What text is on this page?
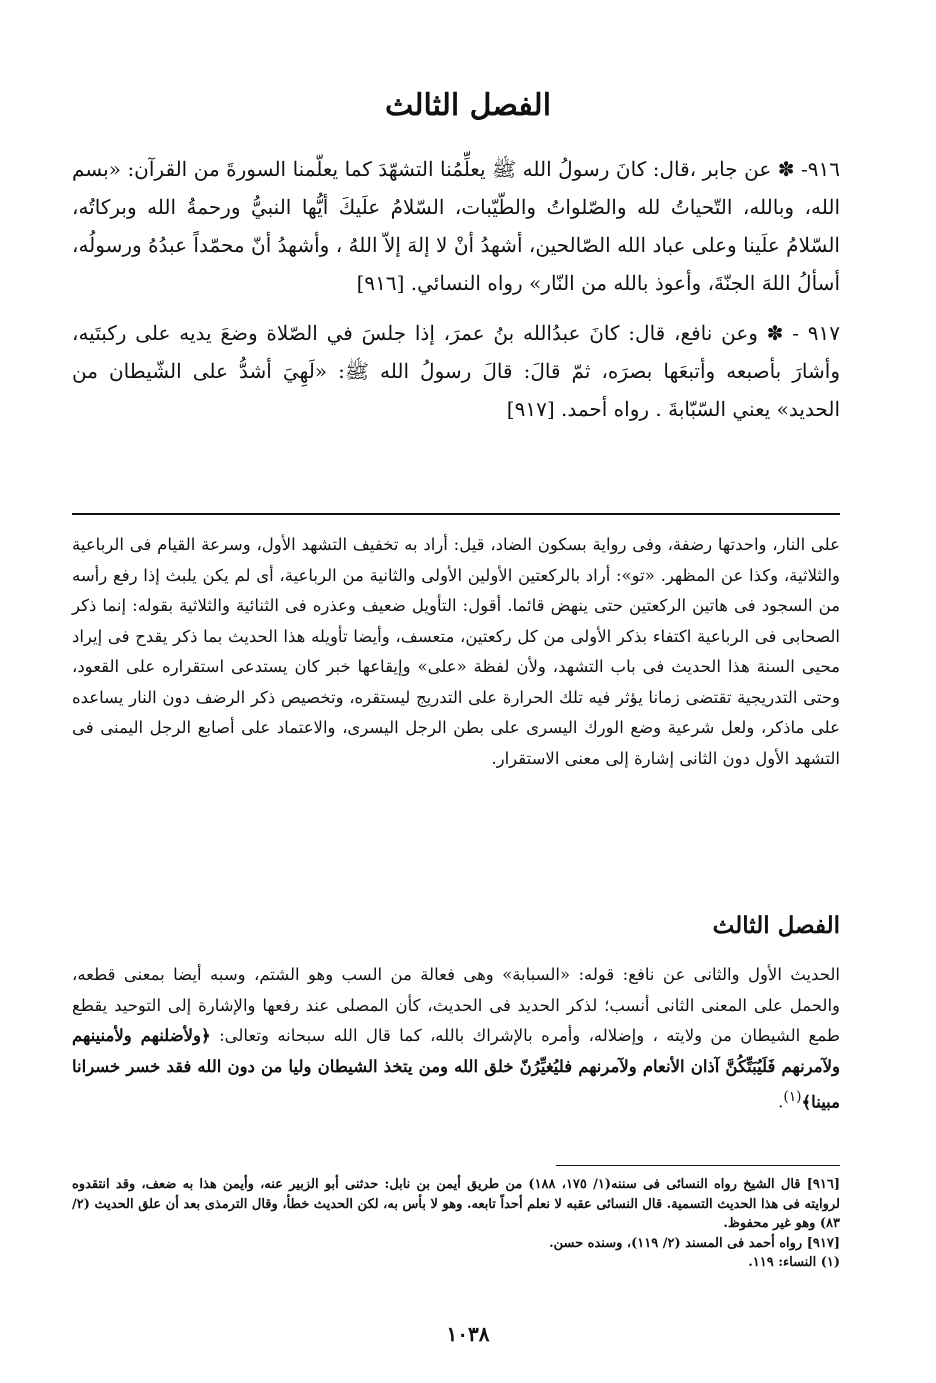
الفصل الثالث

٩١٦- ✽ عن جابر ،قال: كانَ رسولُ الله ﷺ يعلِّمُنا التشهّدَ كما يعلّمنا السورةَ من القرآن: «بسم الله، وبالله، التّحياتُ لله والصّلواتُ والطّيّبات، السّلامُ علَيكَ أيُّها النبيُّ ورحمةُ الله وبركاتُه، السّلامُ علَينا وعلى عباد الله الصّالحين، أشهدُ أنْ لا إلهَ إلاّ اللهُ ، وأشهدُ أنّ محمّداً عبدُهُ ورسولُه، أسألُ اللهَ الجنّةَ، وأعوذ بالله من النّار» رواه النسائي. [٩١٦]

٩١٧ - ✽ وعن نافع، قال: كانَ عبدُالله بنُ عمرَ، إذا جلسَ في الصّلاة وضعَ يديه على ركبتَيه، وأشارَ بأصبعه وأتبعَها بصرَه، ثمّ قالَ: قالَ رسولُ الله ﷺ: «لَهِيَ أشدُّ على الشّيطان من الحديد» يعني السّبّابةَ . رواه أحمد. [٩١٧]

على النار، واحدتها رضفة، وفى رواية بسكون الضاد، قيل: أراد به تخفيف التشهد الأول، وسرعة القيام فى الرباعية والثلاثية، وكذا عن المظهر. «تو»: أراد بالركعتين الأولين الأولى والثانية من الرباعية، أى لم يكن يلبث إذا رفع رأسه من السجود فى هاتين الركعتين حتى ينهض قائما. أقول: التأويل ضعيف وعذره فى الثنائية والثلاثية بقوله: إنما ذكر الصحابى فى الرباعية اكتفاء بذكر الأولى من كل ركعتين، متعسف، وأيضا تأويله هذا الحديث بما ذكر يقدح فى إيراد محيى السنة هذا الحديث فى باب التشهد، ولأن لفظة «على» وإيقاعها خبر كان يستدعى استقراره على القعود، وحتى التدريجية تقتضى زمانا يؤثر فيه تلك الحرارة على التدريج ليستقره، وتخصيص ذكر الرضف دون النار يساعده على ماذكر، ولعل شرعية وضع الورك اليسرى على بطن الرجل اليسرى، والاعتماد على أصابع الرجل اليمنى فى التشهد الأول دون الثانى إشارة إلى معنى الاستقرار.

الفصل الثالث

الحديث الأول والثانى عن نافع: قوله: «السبابة» وهى فعالة من السب وهو الشتم، وسبه أيضا بمعنى قطعه، والحمل على المعنى الثانى أنسب؛ لذكر الحديد فى الحديث، كأن المصلى عند رفعها والإشارة إلى التوحيد يقطع طمع الشيطان من ولايته ، وإضلاله، وأمره بالإشراك بالله، كما قال الله سبحانه وتعالى: ﴿ولأضلنهم ولأمنينهم ولآمرنهم فَلَيُبَتِّكُنَّ آذان الأنعام ولآمرنهم فليُغيِّرُنّ خلق الله ومن يتخذ الشيطان وليا من دون الله فقد خسر خسرانا مبينا﴾$^{(١)}$.

[٩١٦] قال الشيخ رواه النسائى فى سننه(١/ ١٧٥، ١٨٨) من طريق أيمن بن نابل: حدثنى أبو الزبير عنه، وأيمن هذا به ضعف، وقد انتقدوه لروايته فى هذا الحديث التسمية. قال النسائى عقبه لا نعلم أحداً تابعه. وهو لا بأس به، لكن الحديث خطأ، وقال الترمذى بعد أن علق الحديث (٢/ ٨٣) وهو غير محفوظ.

[٩١٧] رواه أحمد فى المسند (٢/ ١١٩)، وسنده حسن.

(١) النساء: ١١٩.

١٠٣٨
